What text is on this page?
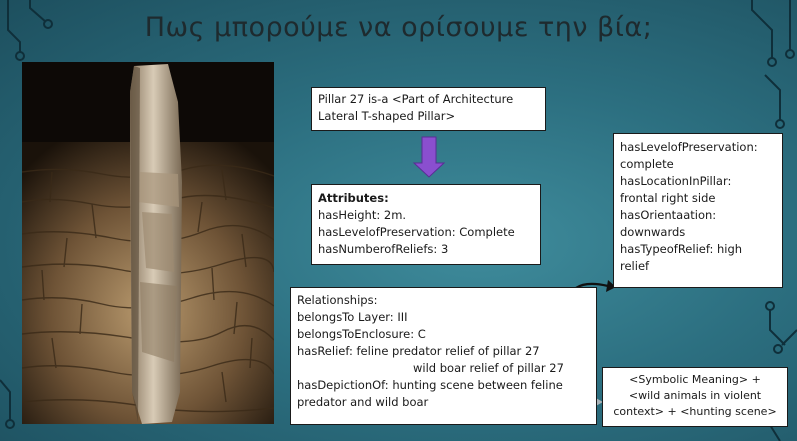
Πως μπορούμε να ορίσουμε την βία;
Pillar 27 is-a <Part of Architecture
Lateral T-shaped Pillar>
Attributes:
hasHeight: 2m.
hasLevelofPreservation: Complete
hasNumberofReliefs: 3
Relationships:
belongsTo Layer: III
belongsToEnclosure: C
hasRelief: feline predator relief of pillar 27
wild boar relief of pillar 27
hasDepictionOf: hunting scene between feline
predator and wild boar
hasLevelofPreservation:
complete
hasLocationInPillar:
frontal right side
hasOrientaation:
downwards
hasTypeofRelief: high
relief
<Symbolic Meaning> +
<wild animals in violent
context> + <hunting scene>
